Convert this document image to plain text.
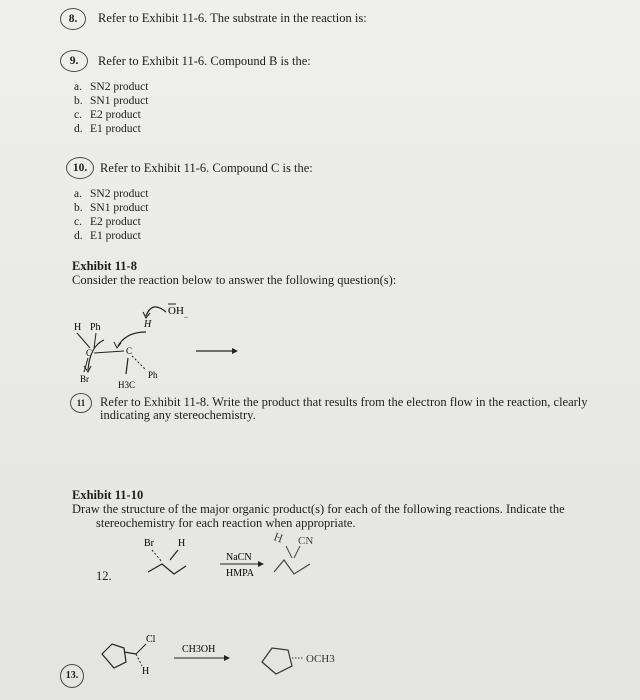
8.	Refer to Exhibit 11-6. The substrate in the reaction is:
9.	Refer to Exhibit 11-6. Compound B is the:
a. SN2 product
b. SN1 product
c. E2 product
d. E1 product
10.	Refer to Exhibit 11-6. Compound C is the:
a. SN2 product
b. SN1 product
c. E2 product
d. E1 product
Exhibit 11-8
Consider the reaction below to answer the following question(s):
OH ..
H
H Ph
C	C
Br	Ph
H3C
11	Refer to Exhibit 11-8. Write the product that results from the electron flow in the reaction, clearly
indicating any stereochemistry.
Exhibit 11-10
Draw the structure of the major organic product(s) for each of the following reactions. Indicate the
stereochemistry for each reaction when appropriate.
12.
Br H
NaCN
HMPA
H CN
13.
Cl
H
CH3OH
OCH3
